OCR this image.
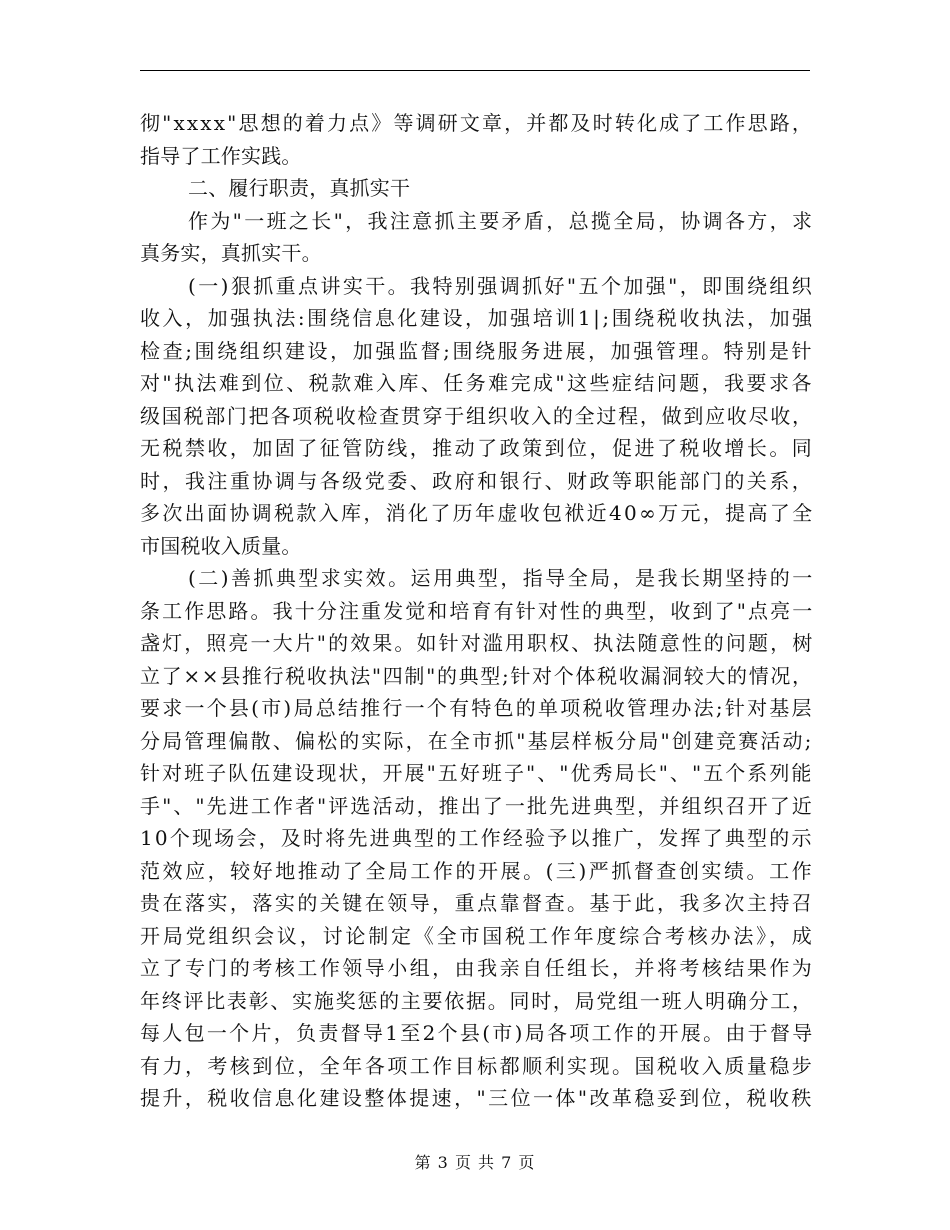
彻"xxxx"思想的着力点》等调研文章，并都及时转化成了工作思路，
指导了工作实践。
二、履行职责，真抓实干
作为"一班之长"，我注意抓主要矛盾，总揽全局，协调各方，求
真务实，真抓实干。
(一)狠抓重点讲实干。我特别强调抓好"五个加强"，即围绕组织
收入，加强执法:围绕信息化建设，加强培训1|;围绕税收执法，加强
检查;围绕组织建设，加强监督;围绕服务进展，加强管理。特别是针
对"执法难到位、税款难入库、任务难完成"这些症结问题，我要求各
级国税部门把各项税收检查贯穿于组织收入的全过程，做到应收尽收，
无税禁收，加固了征管防线，推动了政策到位，促进了税收增长。同
时，我注重协调与各级党委、政府和银行、财政等职能部门的关系，
多次出面协调税款入库，消化了历年虚收包袱近40∞万元，提高了全
市国税收入质量。
(二)善抓典型求实效。运用典型，指导全局，是我长期坚持的一
条工作思路。我十分注重发觉和培育有针对性的典型，收到了"点亮一
盏灯，照亮一大片"的效果。如针对滥用职权、执法随意性的问题，树
立了××县推行税收执法"四制"的典型;针对个体税收漏洞较大的情况，
要求一个县(市)局总结推行一个有特色的单项税收管理办法;针对基层
分局管理偏散、偏松的实际，在全市抓"基层样板分局"创建竞赛活动;
针对班子队伍建设现状，开展"五好班子"、"优秀局长"、"五个系列能
手"、"先进工作者"评选活动，推出了一批先进典型，并组织召开了近
10个现场会，及时将先进典型的工作经验予以推广，发挥了典型的示
范效应，较好地推动了全局工作的开展。(三)严抓督查创实绩。工作
贵在落实，落实的关键在领导，重点靠督查。基于此，我多次主持召
开局党组织会议，讨论制定《全市国税工作年度综合考核办法》，成
立了专门的考核工作领导小组，由我亲自任组长，并将考核结果作为
年终评比表彰、实施奖惩的主要依据。同时，局党组一班人明确分工，
每人包一个片，负责督导1至2个县(市)局各项工作的开展。由于督导
有力，考核到位，全年各项工作目标都顺利实现。国税收入质量稳步
提升，税收信息化建设整体提速，"三位一体"改革稳妥到位，税收秩
第 3 页 共 7 页
